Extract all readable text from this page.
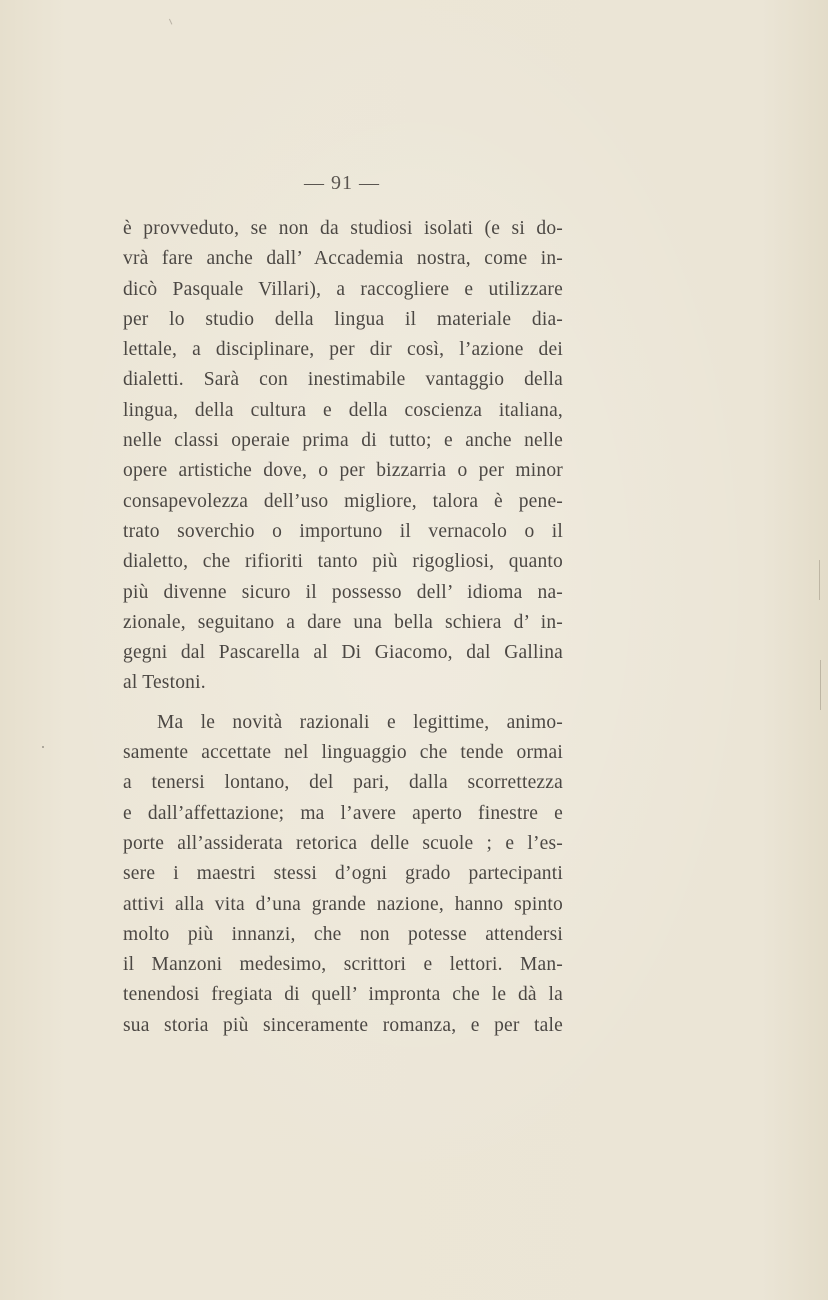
— 91 —
è provveduto, se non da studiosi isolati (e si do-
vrà fare anche dall’ Accademia nostra, come in-
dicò Pasquale Villari), a raccogliere e utilizzare
per lo studio della lingua il materiale dia-
lettale, a disciplinare, per dir così, l’azione dei
dialetti. Sarà con inestimabile vantaggio della
lingua, della cultura e della coscienza italiana,
nelle classi operaie prima di tutto; e anche nelle
opere artistiche dove, o per bizzarria o per minor
consapevolezza dell’uso migliore, talora è pene-
trato soverchio o importuno il vernacolo o il
dialetto, che rifioriti tanto più rigogliosi, quanto
più divenne sicuro il possesso dell’ idioma na-
zionale, seguitano a dare una bella schiera d’ in-
gegni dal Pascarella al Di Giacomo, dal Gallina
al Testoni.
Ma le novità razionali e legittime, animo-
samente accettate nel linguaggio che tende ormai
a tenersi lontano, del pari, dalla scorrettezza
e dall’affettazione; ma l’avere aperto finestre e
porte all’assiderata retorica delle scuole ; e l’es-
sere i maestri stessi d’ogni grado partecipanti
attivi alla vita d’una grande nazione, hanno spinto
molto più innanzi, che non potesse attendersi
il Manzoni medesimo, scrittori e lettori. Man-
tenendosi fregiata di quell’ impronta che le dà la
sua storia più sinceramente romanza, e per tale
